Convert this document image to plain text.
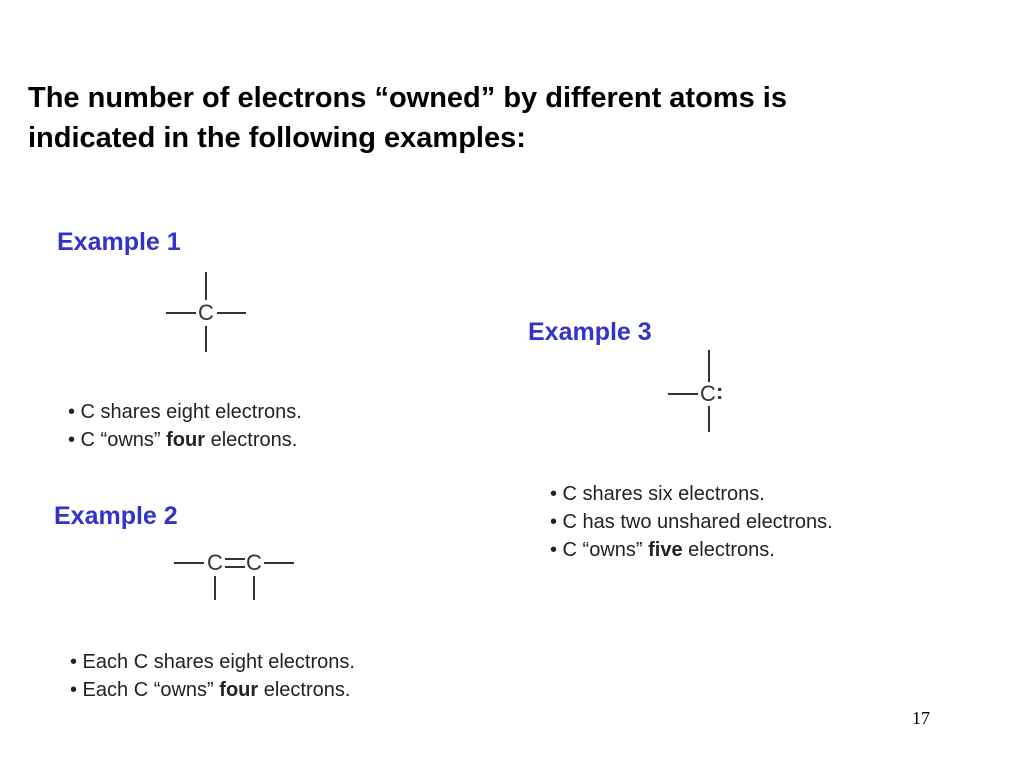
The number of electrons “owned” by different atoms is
indicated in the following examples:
Example 1
C
• C shares eight electrons.
• C “owns” four electrons.
Example 2
C C
• Each C shares eight electrons.
• Each C “owns” four electrons.
Example 3
C :
• C shares six electrons.
• C has two unshared electrons.
• C “owns” five electrons.
17
